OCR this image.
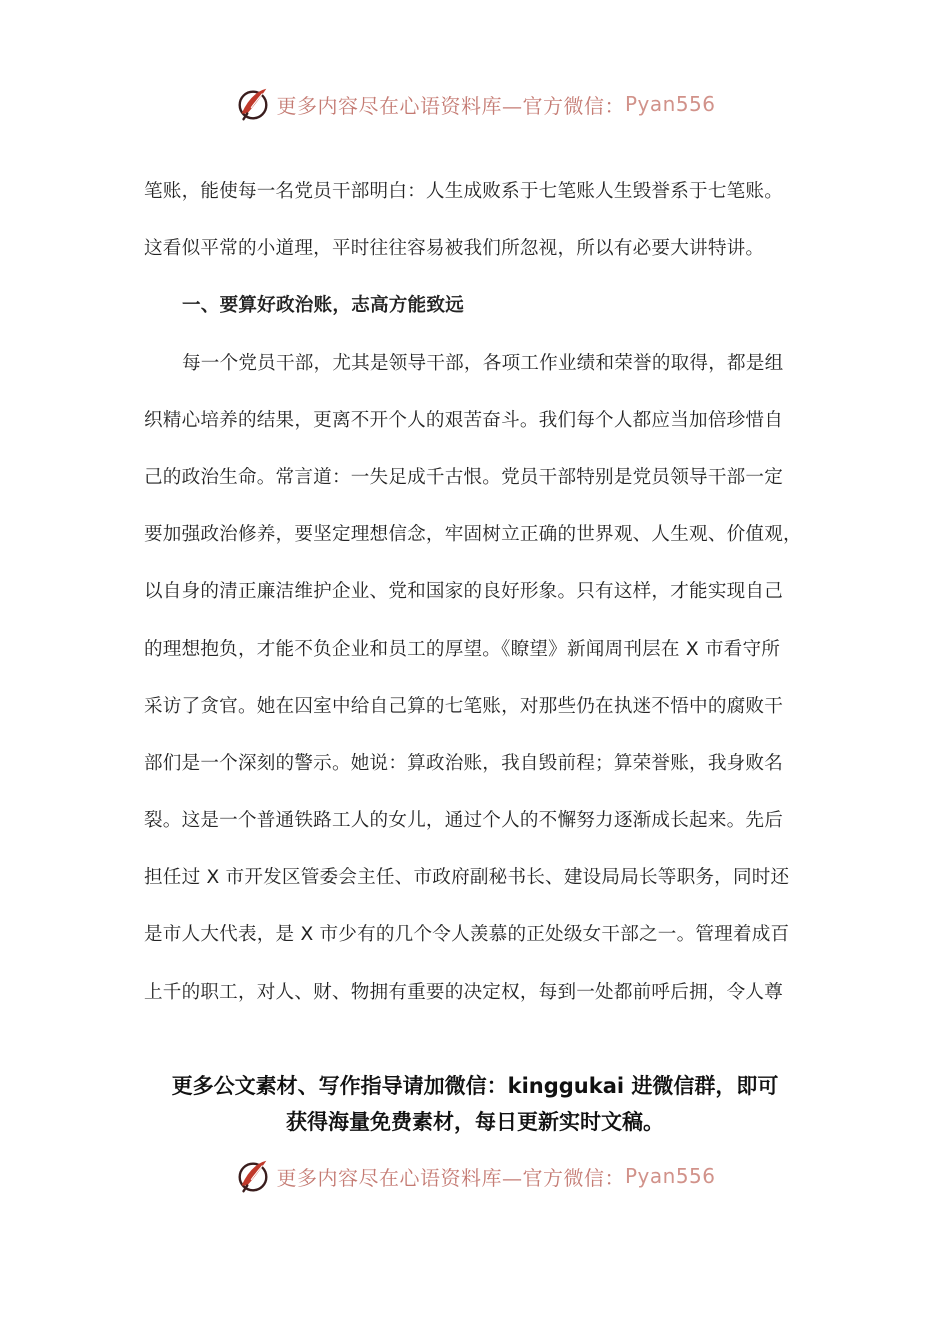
更多内容尽在心语资料库—官方微信： Pyan556
笔账，能使每一名党员干部明白：人生成败系于七笔账人生毁誉系于七笔账。
这看似平常的小道理，平时往往容易被我们所忽视，所以有必要大讲特讲。
一、要算好政治账，志高方能致远
每一个党员干部，尤其是领导干部，各项工作业绩和荣誉的取得，都是组
织精心培养的结果，更离不开个人的艰苦奋斗。我们每个人都应当加倍珍惜自
己的政治生命。常言道：一失足成千古恨。党员干部特别是党员领导干部一定
要加强政治修养，要坚定理想信念，牢固树立正确的世界观、人生观、价值观，
以自身的清正廉洁维护企业、党和国家的良好形象。只有这样，才能实现自己
的理想抱负，才能不负企业和员工的厚望。《瞭望》新闻周刊层在 X 市看守所
采访了贪官。她在囚室中给自己算的七笔账，对那些仍在执迷不悟中的腐败干
部们是一个深刻的警示。她说：算政治账，我自毁前程；算荣誉账，我身败名
裂。这是一个普通铁路工人的女儿，通过个人的不懈努力逐渐成长起来。先后
担任过 X 市开发区管委会主任、市政府副秘书长、建设局局长等职务，同时还
是市人大代表，是 X 市少有的几个令人羡慕的正处级女干部之一。管理着成百
上千的职工，对人、财、物拥有重要的决定权，每到一处都前呼后拥，令人尊
更多公文素材、写作指导请加微信：kinggukai 进微信群，即可
获得海量免费素材，每日更新实时文稿。
更多内容尽在心语资料库—官方微信： Pyan556
